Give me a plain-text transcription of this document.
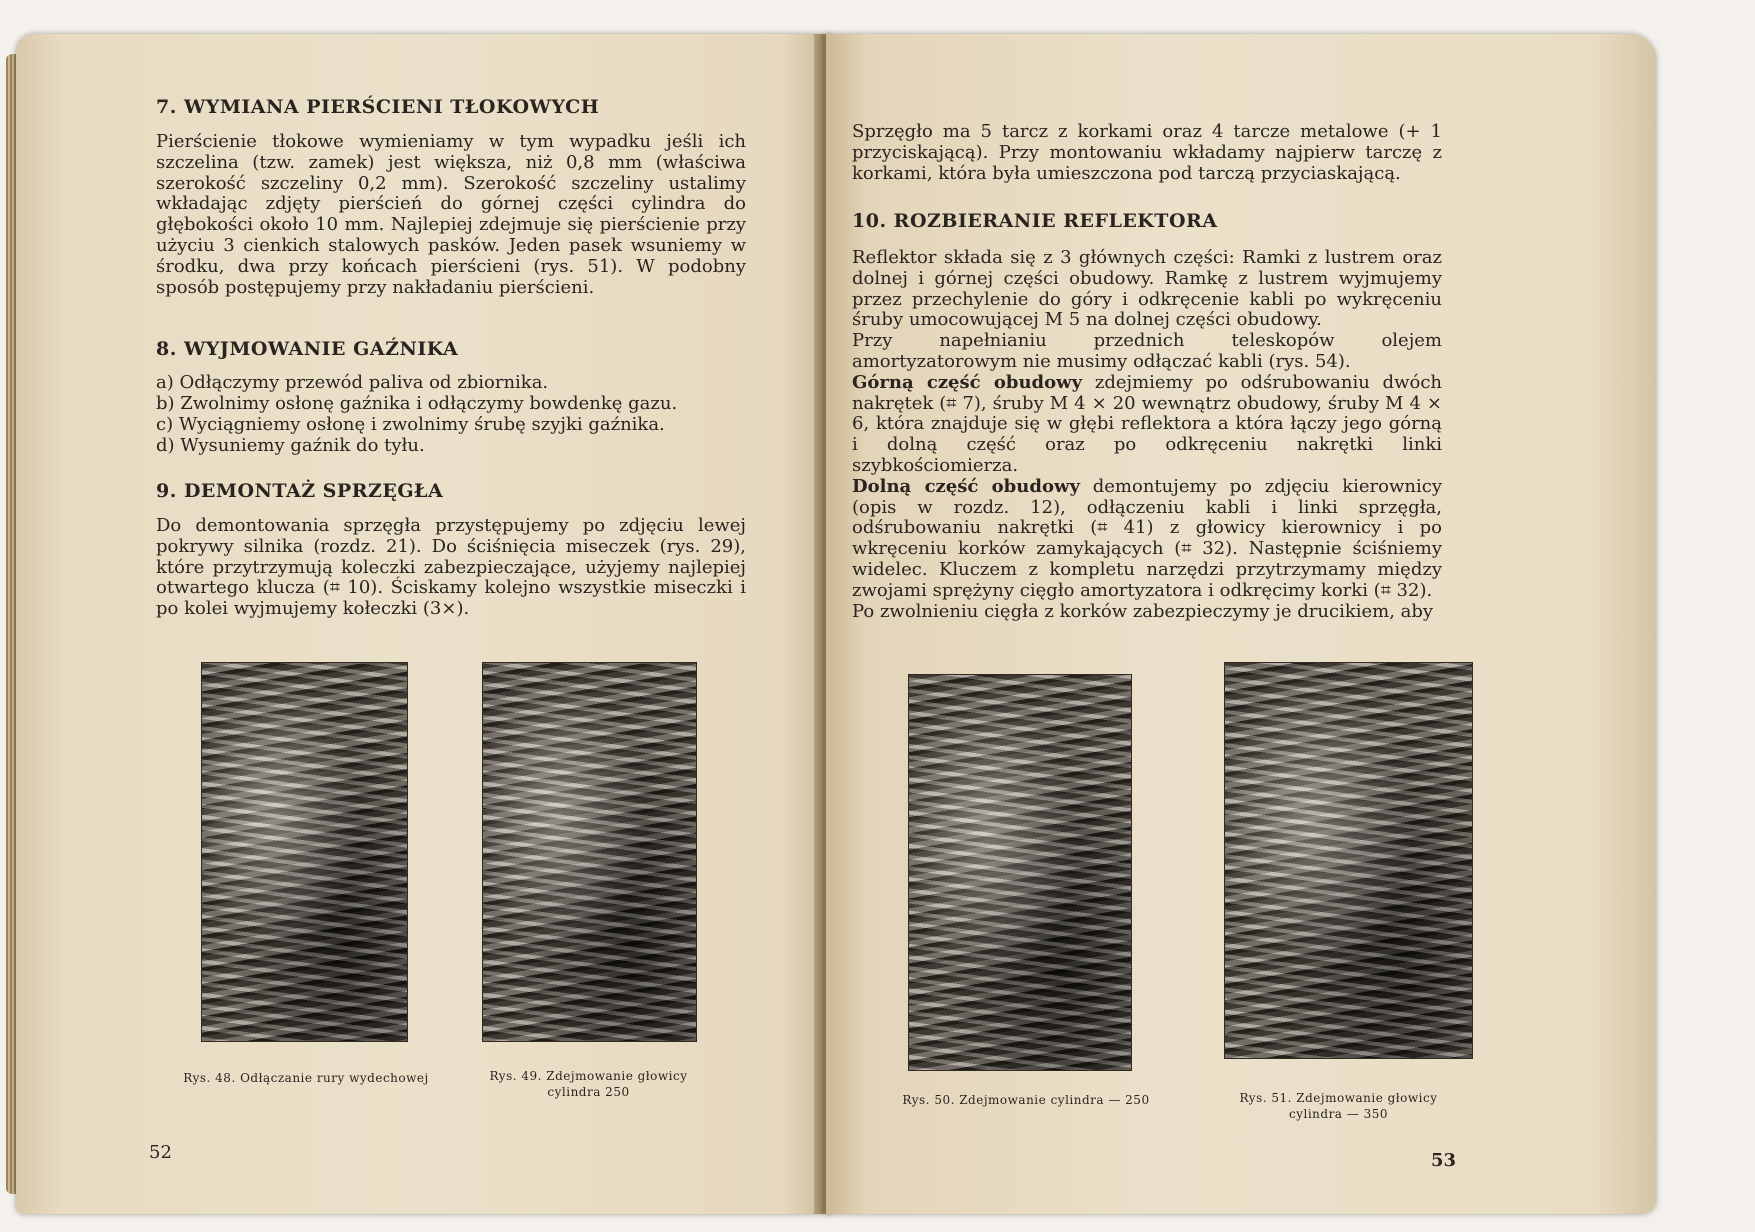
7. WYMIANA PIERŚCIENI TŁOKOWYCH

Pierścienie tłokowe wymieniamy w tym wypadku jeśli ich szczelina (tzw. zamek) jest większa, niż 0,8 mm (właściwa szerokość szczeliny 0,2 mm). Szerokość szczeliny ustalimy wkładając zdjęty pierścień do górnej części cylindra do głębokości około 10 mm. Najlepiej zdejmuje się pierścienie przy użyciu 3 cienkich stalowych pasków. Jeden pasek wsuniemy w środku, dwa przy końcach pierścieni (rys. 51). W podobny sposób postępujemy przy nakładaniu pierścieni.

8. WYJMOWANIE GAŹNIKA
a) Odłączymy przewód paliva od zbiornika.
b) Zwolnimy osłonę gaźnika i odłączymy bowdenkę gazu.
c) Wyciągniemy osłonę i zwolnimy śrubę szyjki gaźnika.
d) Wysuniemy gaźnik do tyłu.
9. DEMONTAŻ SPRZĘGŁA

Do demontowania sprzęgła przystępujemy po zdjęciu lewej pokrywy silnika (rozdz. 21). Do ściśnięcia miseczek (rys. 29), które przytrzymują koleczki zabezpieczające, użyjemy najlepiej otwartego klucza (⌗ 10). Ściskamy kolejno wszystkie miseczki i po kolei wyjmujemy kołeczki (3×).

Rys. 48. Odłączanie rury wydechowej	Rys. 49. Zdejmowanie głowicy cylindra 250
52

Sprzęgło ma 5 tarcz z korkami oraz 4 tarcze metalowe (+ 1 przyciskającą). Przy montowaniu wkładamy najpierw tarczę z korkami, która była umieszczona pod tarczą przyciaskającą.

10. ROZBIERANIE REFLEKTORA

Reflektor składa się z 3 głównych części: Ramki z lustrem oraz dolnej i górnej części obudowy. Ramkę z lustrem wyjmujemy przez przechylenie do góry i odkręcenie kabli po wykręceniu śruby umocowującej M 5 na dolnej części obudowy.

Przy napełnianiu przednich teleskopów olejem amortyzatorowym nie musimy odłączać kabli (rys. 54).

Górną część obudowy zdejmiemy po odśrubowaniu dwóch nakrętek (⌗ 7), śruby M 4 × 20 wewnątrz obudowy, śruby M 4 × 6, która znajduje się w głębi reflektora a która łączy jego górną i dolną część oraz po odkręceniu nakrętki linki szybkościomierza.

Dolną część obudowy demontujemy po zdjęciu kierownicy (opis w rozdz. 12), odłączeniu kabli i linki sprzęgła, odśrubowaniu nakrętki (⌗ 41) z głowicy kierownicy i po wkręceniu korków zamykających (⌗ 32). Następnie ściśniemy widelec. Kluczem z kompletu narzędzi przytrzymamy między zwojami sprężyny cięgło amortyzatora i odkręcimy korki (⌗ 32).

Po zwolnieniu cięgła z korków zabezpieczymy je drucikiem, aby

Rys. 50. Zdejmowanie cylindra — 250	Rys. 51. Zdejmowanie głowicy cylindra — 350
53
